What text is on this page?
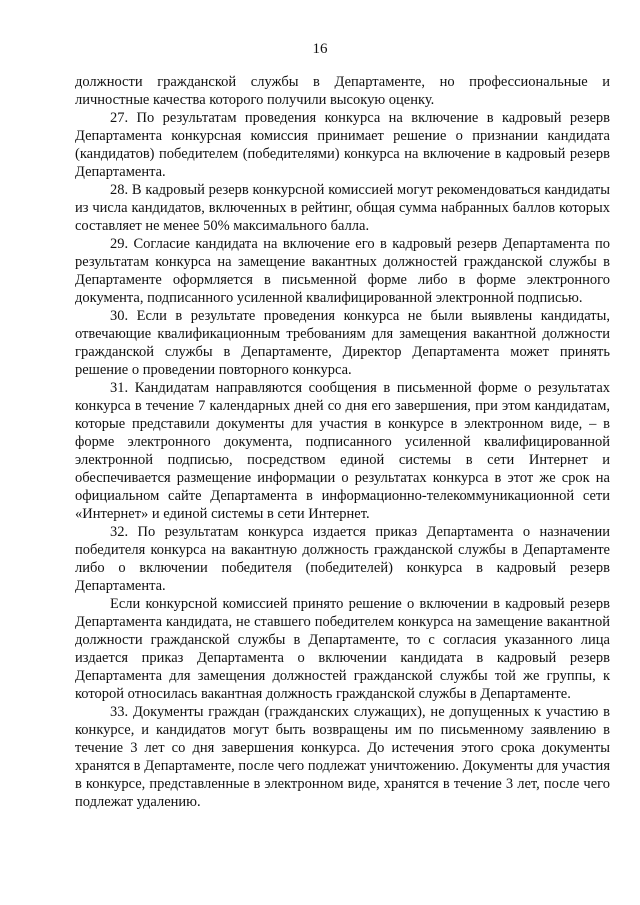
16

должности гражданской службы в Департаменте, но профессиональные и личностные качества которого получили высокую оценку.

27. По результатам проведения конкурса на включение в кадровый резерв Департамента конкурсная комиссия принимает решение о признании кандидата (кандидатов) победителем (победителями) конкурса на включение в кадровый резерв Департамента.

28. В кадровый резерв конкурсной комиссией могут рекомендоваться кандидаты из числа кандидатов, включенных в рейтинг, общая сумма набранных баллов которых составляет не менее 50% максимального балла.

29. Согласие кандидата на включение его в кадровый резерв Департамента по результатам конкурса на замещение вакантных должностей гражданской службы в Департаменте оформляется в письменной форме либо в форме электронного документа, подписанного усиленной квалифицированной электронной подписью.

30. Если в результате проведения конкурса не были выявлены кандидаты, отвечающие квалификационным требованиям для замещения вакантной должности гражданской службы в Департаменте, Директор Департамента может принять решение о проведении повторного конкурса.

31. Кандидатам направляются сообщения в письменной форме о результатах конкурса в течение 7 календарных дней со дня его завершения, при этом кандидатам, которые представили документы для участия в конкурсе в электронном виде, – в форме электронного документа, подписанного усиленной квалифицированной электронной подписью, посредством единой системы в сети Интернет и обеспечивается размещение информации о результатах конкурса в этот же срок на официальном сайте Департамента в информационно-телекоммуникационной сети «Интернет» и единой системы в сети Интернет.

32. По результатам конкурса издается приказ Департамента о назначении победителя конкурса на вакантную должность гражданской службы в Департаменте либо о включении победителя (победителей) конкурса в кадровый резерв Департамента.

Если конкурсной комиссией принято решение о включении в кадровый резерв Департамента кандидата, не ставшего победителем конкурса на замещение вакантной должности гражданской службы в Департаменте, то с согласия указанного лица издается приказ Департамента о включении кандидата в кадровый резерв Департамента для замещения должностей гражданской службы той же группы, к которой относилась вакантная должность гражданской службы в Департаменте.

33. Документы граждан (гражданских служащих), не допущенных к участию в конкурсе, и кандидатов могут быть возвращены им по письменному заявлению в течение 3 лет со дня завершения конкурса. До истечения этого срока документы хранятся в Департаменте, после чего подлежат уничтожению. Документы для участия в конкурсе, представленные в электронном виде, хранятся в течение 3 лет, после чего подлежат удалению.
